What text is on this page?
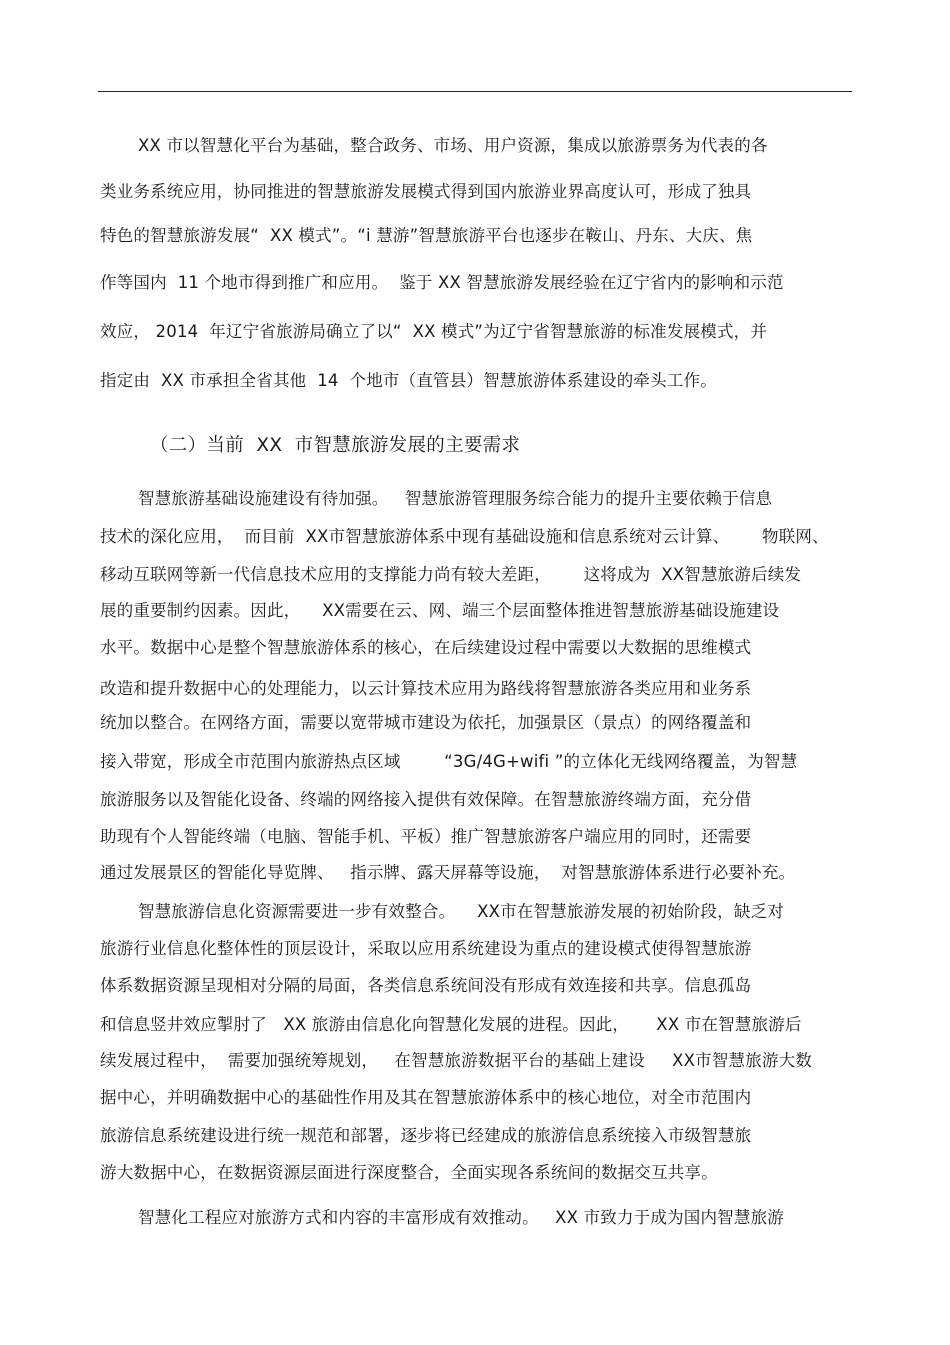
XX 市以智慧化平台为基础，整合政务、市场、用户资源，集成以旅游票务为代表的各
类业务系统应用，协同推进的智慧旅游发展模式得到国内旅游业界高度认可，形成了独具
特色的智慧旅游发展“  XX 模式”。“i 慧游”智慧旅游平台也逐步在鞍山、丹东、大庆、焦
作等国内  11 个地市得到推广和应用。  鉴于 XX 智慧旅游发展经验在辽宁省内的影响和示范
效应， 2014  年辽宁省旅游局确立了以“  XX 模式”为辽宁省智慧旅游的标准发展模式，并
指定由  XX 市承担全省其他  14  个地市（直管县）智慧旅游体系建设的牵头工作。
（二）当前  XX  市智慧旅游发展的主要需求
智慧旅游基础设施建设有待加强。   智慧旅游管理服务综合能力的提升主要依赖于信息
技术的深化应用，  而目前  XX市智慧旅游体系中现有基础设施和信息系统对云计算、      物联网、
移动互联网等新一代信息技术应用的支撑能力尚有较大差距，      这将成为  XX智慧旅游后续发
展的重要制约因素。因此，    XX需要在云、网、端三个层面整体推进智慧旅游基础设施建设
水平。数据中心是整个智慧旅游体系的核心，在后续建设过程中需要以大数据的思维模式
改造和提升数据中心的处理能力，以云计算技术应用为路线将智慧旅游各类应用和业务系
统加以整合。在网络方面，需要以宽带城市建设为依托，加强景区（景点）的网络覆盖和
接入带宽，形成全市范围内旅游热点区域        “3G/4G+wifi ”的立体化无线网络覆盖，为智慧
旅游服务以及智能化设备、终端的网络接入提供有效保障。在智慧旅游终端方面，充分借
助现有个人智能终端（电脑、智能手机、平板）推广智慧旅游客户端应用的同时，还需要
通过发展景区的智能化导览牌、   指示牌、露天屏幕等设施，  对智慧旅游体系进行必要补充。
智慧旅游信息化资源需要进一步有效整合。    XX市在智慧旅游发展的初始阶段，缺乏对
旅游行业信息化整体性的顶层设计，采取以应用系统建设为重点的建设模式使得智慧旅游
体系数据资源呈现相对分隔的局面，各类信息系统间没有形成有效连接和共享。信息孤岛
和信息竖井效应掣肘了   XX 旅游由信息化向智慧化发展的进程。因此，     XX 市在智慧旅游后
续发展过程中，  需要加强统筹规划，   在智慧旅游数据平台的基础上建设     XX市智慧旅游大数
据中心，并明确数据中心的基础性作用及其在智慧旅游体系中的核心地位，对全市范围内
旅游信息系统建设进行统一规范和部署，逐步将已经建成的旅游信息系统接入市级智慧旅
游大数据中心，在数据资源层面进行深度整合，全面实现各系统间的数据交互共享。
智慧化工程应对旅游方式和内容的丰富形成有效推动。   XX 市致力于成为国内智慧旅游
